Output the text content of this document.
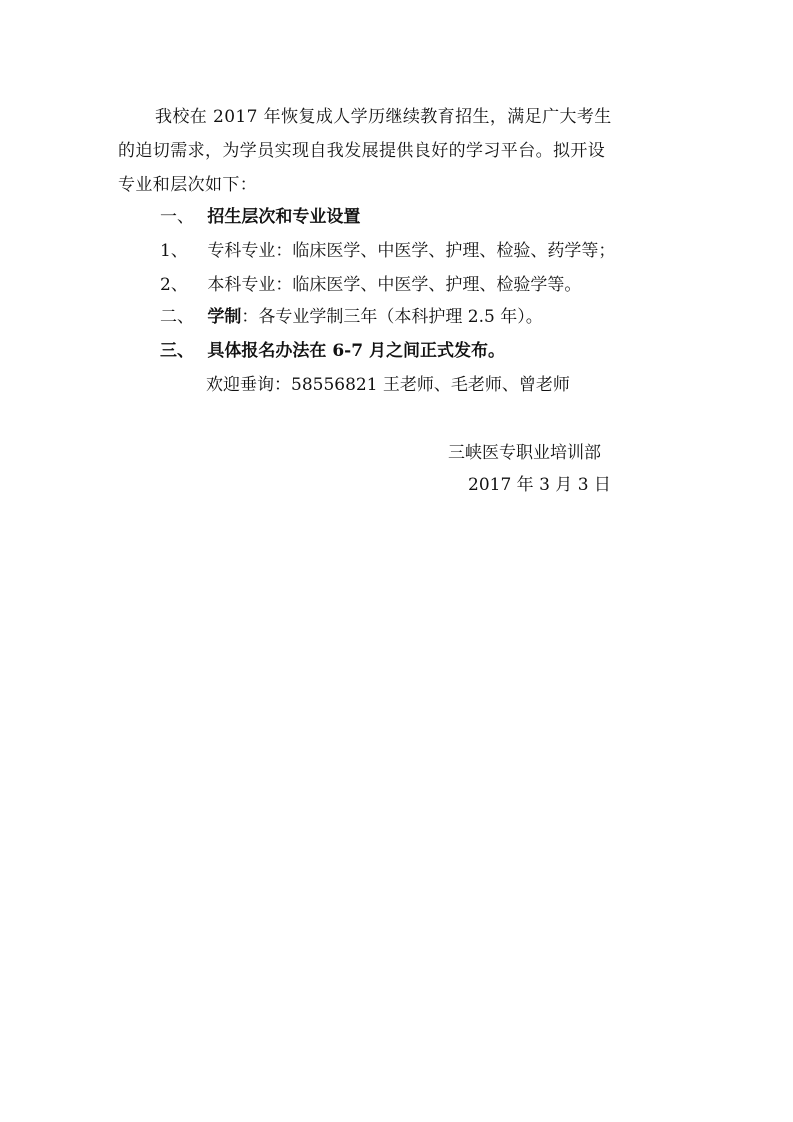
我校在 2017 年恢复成人学历继续教育招生，满足广大考生
的迫切需求，为学员实现自我发展提供良好的学习平台。拟开设
专业和层次如下：
一、 招生层次和专业设置
1、 专科专业：临床医学、中医学、护理、检验、药学等；
2、 本科专业：临床医学、中医学、护理、检验学等。
二、 学制：各专业学制三年（本科护理 2.5 年）。
三、 具体报名办法在 6-7 月之间正式发布。
欢迎垂询：58556821 王老师、毛老师、曾老师
三峡医专职业培训部
2017 年 3 月 3 日
